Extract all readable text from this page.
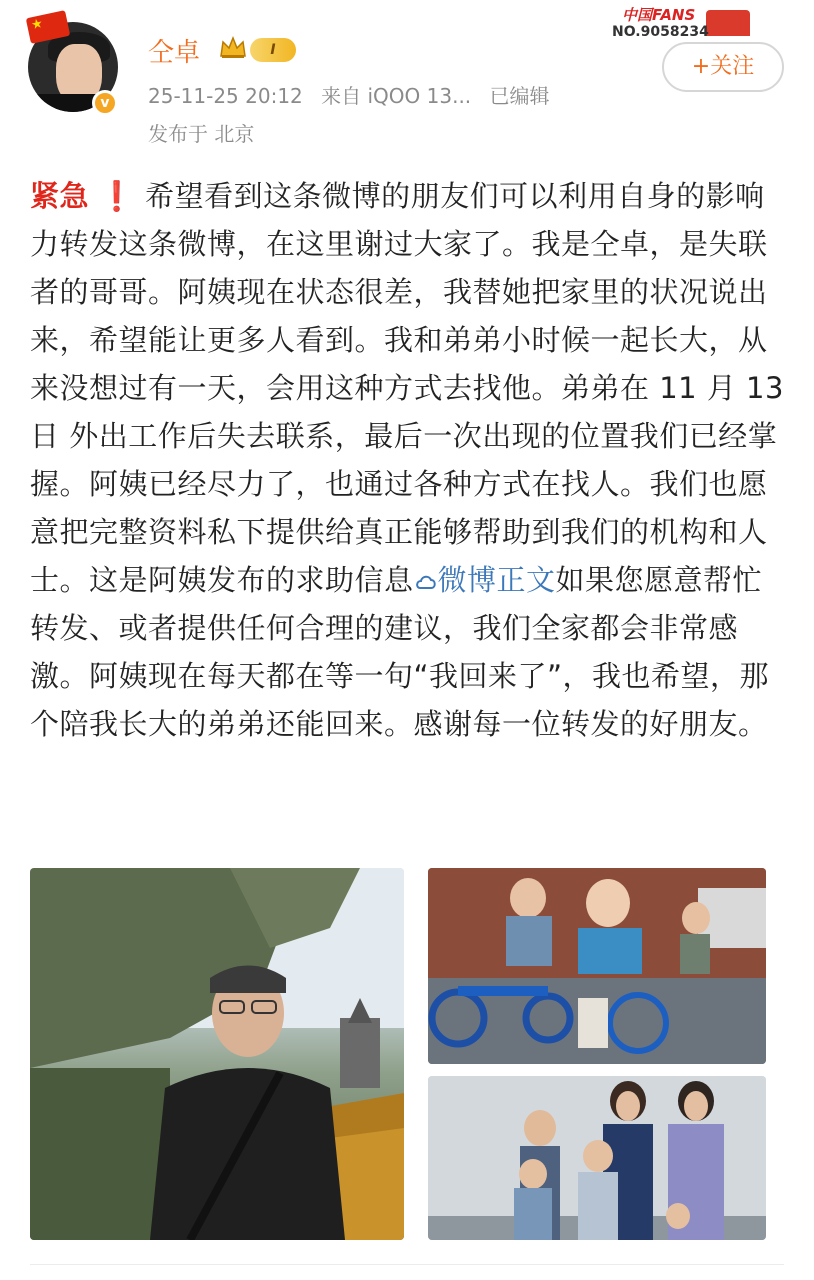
★
v
仝卓	I
25-11-25 20:12 来自 iQOO 13... 已编辑
发布于 北京
中国FANS
NO.9058234
+关注
紧急 ❗ 希望看到这条微博的朋友们可以利用自身的影响力转发这条微博，在这里谢过大家了。我是仝卓，是失联者的哥哥。阿姨现在状态很差，我替她把家里的状况说出来，希望能让更多人看到。我和弟弟小时候一起长大，从来没想过有一天，会用这种方式去找他。弟弟在 11 月 13 日 外出工作后失去联系，最后一次出现的位置我们已经掌握。阿姨已经尽力了，也通过各种方式在找人。我们也愿意把完整资料私下提供给真正能够帮助到我们的机构和人士。这是阿姨发布的求助信息 微博正文如果您愿意帮忙转发、或者提供任何合理的建议，我们全家都会非常感激。阿姨现在每天都在等一句“我回来了”，我也希望，那个陪我长大的弟弟还能回来。感谢每一位转发的好朋友。
